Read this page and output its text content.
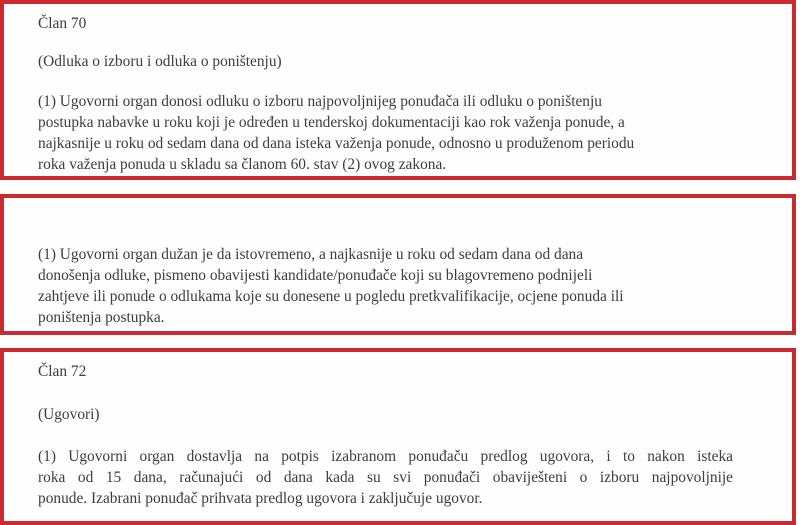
Član 70

(Odluka o izboru i odluka o poništenju)

(1) Ugovorni organ donosi odluku o izboru najpovoljnijeg ponuđača ili odluku o poništenju
postupka nabavke u roku koji je određen u tenderskoj dokumentaciji kao rok važenja ponude, a
najkasnije u roku od sedam dana od dana isteka važenja ponude, odnosno u produženom periodu
roka važenja ponuda u skladu sa članom 60. stav (2) ovog zakona.
(1) Ugovorni organ dužan je da istovremeno, a najkasnije u roku od sedam dana od dana
donošenja odluke, pismeno obavijesti kandidate/ponuđače koji su blagovremeno podnijeli
zahtjeve ili ponude o odlukama koje su donesene u pogledu pretkvalifikacije, ocjene ponuda ili
poništenja postupka.

Član 72

(Ugovori)

(1) Ugovorni organ dostavlja na potpis izabranom ponuđaču predlog ugovora, i to nakon isteka
roka od 15 dana, računajući od dana kada su svi ponuđači obaviješteni o izboru najpovoljnije
ponude. Izabrani ponuđač prihvata predlog ugovora i zaključuje ugovor.
